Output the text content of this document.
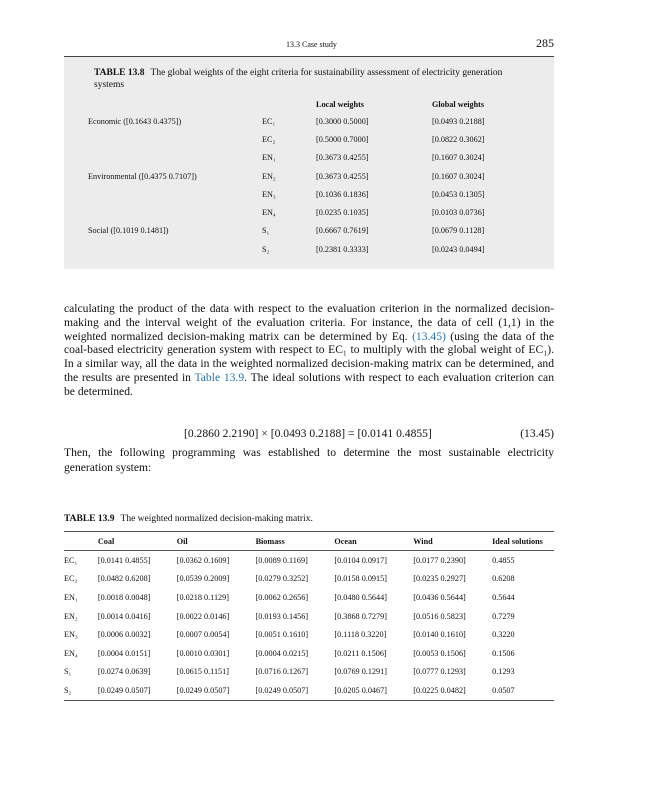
13.3 Case study	285
TABLE 13.8 The global weights of the eight criteria for sustainability assessment of electricity generation systems
		Local weights	Global weights
Economic ([0.1643 0.4375])	EC₁	[0.3000 0.5000]	[0.0493 0.2188]
	EC₂	[0.5000 0.7000]	[0.0822 0.3062]
	EN₁	[0.3673 0.4255]	[0.1607 0.3024]
Environmental ([0.4375 0.7107])	EN₂	[0.3673 0.4255]	[0.1607 0.3024]
	EN₃	[0.1036 0.1836]	[0.0453 0.1305]
	EN₄	[0.0235 0.1035]	[0.0103 0.0736]
Social ([0.1019 0.1481])	S₁	[0.6667 0.7619]	[0.0679 0.1128]
	S₂	[0.2381 0.3333]	[0.0243 0.0494]

calculating the product of the data with respect to the evaluation criterion in the normalized decision-making and the interval weight of the evaluation criteria. For instance, the data of cell (1,1) in the weighted normalized decision-making matrix can be determined by Eq. (13.45) (using the data of the coal-based electricity generation system with respect to EC₁ to multiply with the global weight of EC₁). In a similar way, all the data in the weighted normalized decision-making matrix can be determined, and the results are presented in Table 13.9. The ideal solutions with respect to each evaluation criterion can be determined.

[0.2860 2.2190] × [0.0493 0.2188] = [0.0141 0.4855]	(13.45)
Then, the following programming was established to determine the most sustainable electricity generation system:
TABLE 13.9 The weighted normalized decision-making matrix.
	Coal	Oil	Biomass	Ocean	Wind	Ideal solutions
EC₁	[0.0141 0.4855]	[0.0362 0.1609]	[0.0089 0.1169]	[0.0104 0.0917]	[0.0177 0.2390]	0.4855
EC₂	[0.0482 0.6208]	[0.0539 0.2009]	[0.0279 0.3252]	[0.0158 0.0915]	[0.0235 0.2927]	0.6208
EN₁	[0.0018 0.0048]	[0.0218 0.1129]	[0.0062 0.2656]	[0.0480 0.5644]	[0.0436 0.5644]	0.5644
EN₂	[0.0014 0.0416]	[0.0022 0.0146]	[0.0193 0.1456]	[0.3868 0.7279]	[0.0516 0.5823]	0.7279
EN₃	[0.0006 0.0032]	[0.0007 0.0054]	[0.0051 0.1610]	[0.1118 0.3220]	[0.0140 0.1610]	0.3220
EN₄	[0.0004 0.0151]	[0.0010 0.0301]	[0.0004 0.0215]	[0.0211 0.1506]	[0.0053 0.1506]	0.1506
S₁	[0.0274 0.0639]	[0.0615 0.1151]	[0.0716 0.1267]	[0.0769 0.1291]	[0.0777 0.1293]	0.1293
S₂	[0.0249 0.0507]	[0.0249 0.0507]	[0.0249 0.0507]	[0.0205 0.0467]	[0.0225 0.0482]	0.0507
